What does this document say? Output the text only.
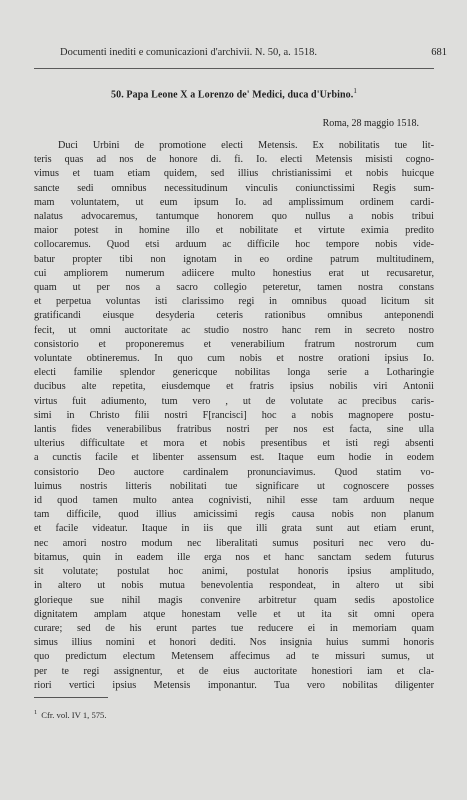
Documenti inediti e comunicazioni d'archivii. N. 50, a. 1518.	681
50. Papa Leone X a Lorenzo de' Medici, duca d'Urbino.$^1$
Roma, 28 maggio 1518.
Duci Urbini de promotione electi Metensis. Ex nobilitatis tue lit-
teris quas ad nos de honore di. fi. Io. electi Metensis misisti cogno-
vimus et tuam etiam quidem, sed illius christianissimi et nobis huicque
sancte sedi omnibus necessitudinum vinculis coniunctissimi Regis sum-
mam voluntatem, ut eum ipsum Io. ad amplissimum ordinem cardi-
nalatus advocaremus, tantumque honorem quo nullus a nobis tribui
maior potest in homine illo et nobilitate et virtute eximia predito
collocaremus. Quod etsi arduum ac difficile hoc tempore nobis vide-
batur propter tibi non ignotam in eo ordine patrum multitudinem,
cui ampliorem numerum adiicere multo honestius erat ut recusaretur,
quam ut per nos a sacro collegio peteretur, tamen nostra constans
et perpetua voluntas isti clarissimo regi in omnibus quoad licitum sit
gratificandi eiusque desyderia ceteris rationibus omnibus anteponendi
fecit, ut omni auctoritate ac studio nostro hanc rem in secreto nostro
consistorio et proponeremus et venerabilium fratrum nostrorum cum
voluntate obtineremus. In quo cum nobis et nostre orationi ipsius Io.
electi familie splendor genericque nobilitas longa serie a Lotharingie
ducibus alte repetita, eiusdemque et fratris ipsius nobilis viri Antonii
virtus fuit adiumento, tum vero , ut de volutate ac precibus caris-
simi in Christo filii nostri F[rancisci] hoc a nobis magnopere postu-
lantis fides venerabilibus fratribus nostri per nos est facta, sine ulla
ulterius difficultate et mora et nobis presentibus et isti regi absenti
a cunctis facile et libenter assensum est. Itaque eum hodie in eodem
consistorio Deo auctore cardinalem pronunciavimus. Quod statim vo-
luimus nostris litteris nobilitati tue significare ut cognoscere posses
id quod tamen multo antea cognivisti, nihil esse tam arduum neque
tam difficile, quod illius amicissimi regis causa nobis non planum
et facile videatur. Itaque in iis que illi grata sunt aut etiam erunt,
nec amori nostro modum nec liberalitati sumus posituri nec vero du-
bitamus, quin in eadem ille erga nos et hanc sanctam sedem futurus
sit volutate; postulat hoc animi, postulat honoris ipsius amplitudo,
in altero ut nobis mutua benevolentia respondeat, in altero ut sibi
glorieque sue nihil magis convenire arbitretur quam sedis apostolice
dignitatem amplam atque honestam velle et ut ita sit omni opera
curare; sed de his erunt partes tue reducere ei in memoriam quam
simus illius nomini et honori dediti. Nos insignia huius summi honoris
quo predictum electum Metensem affecimus ad te missuri sumus, ut
per te regi assignentur, et de eius auctoritate honestiori iam et cla-
riori vertici ipsius Metensis imponantur. Tua vero nobilitas diligenter
$^1$ Cfr. vol. IV 1, 575.
